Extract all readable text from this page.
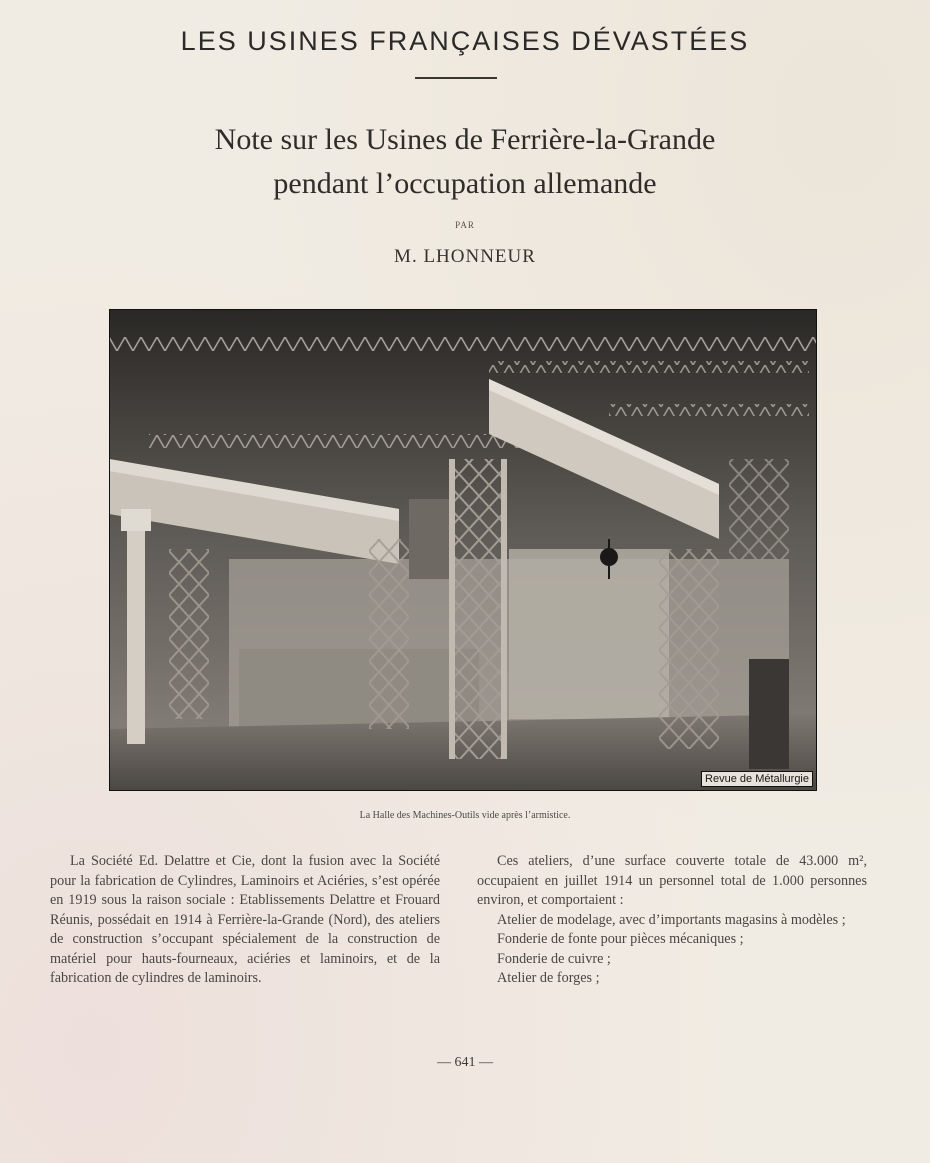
LES USINES FRANÇAISES DÉVASTÉES
Note sur les Usines de Ferrière-la-Grande
pendant l’occupation allemande
PAR
M. LHONNEUR
Revue de Métallurgie
La Halle des Machines-Outils vide après l’armistice.

La Société Ed. Delattre et Cie, dont la fusion avec la Société pour la fabrication de Cylindres, Laminoirs et Aciéries, s’est opérée en 1919 sous la raison sociale : Etablissements Delattre et Frouard Réunis, possédait en 1914 à Ferrière-la-Grande (Nord), des ateliers de construction s’occupant spécialement de la construction de matériel pour hauts-fourneaux, aciéries et laminoirs, et de la fabrication de cylindres de laminoirs.

Ces ateliers, d’une surface couverte totale de 43.000 m², occupaient en juillet 1914 un personnel total de 1.000 personnes environ, et comportaient :

Atelier de modelage, avec d’importants magasins à modèles ;

Fonderie de fonte pour pièces mécaniques ;

Fonderie de cuivre ;

Atelier de forges ;

— 641 —
